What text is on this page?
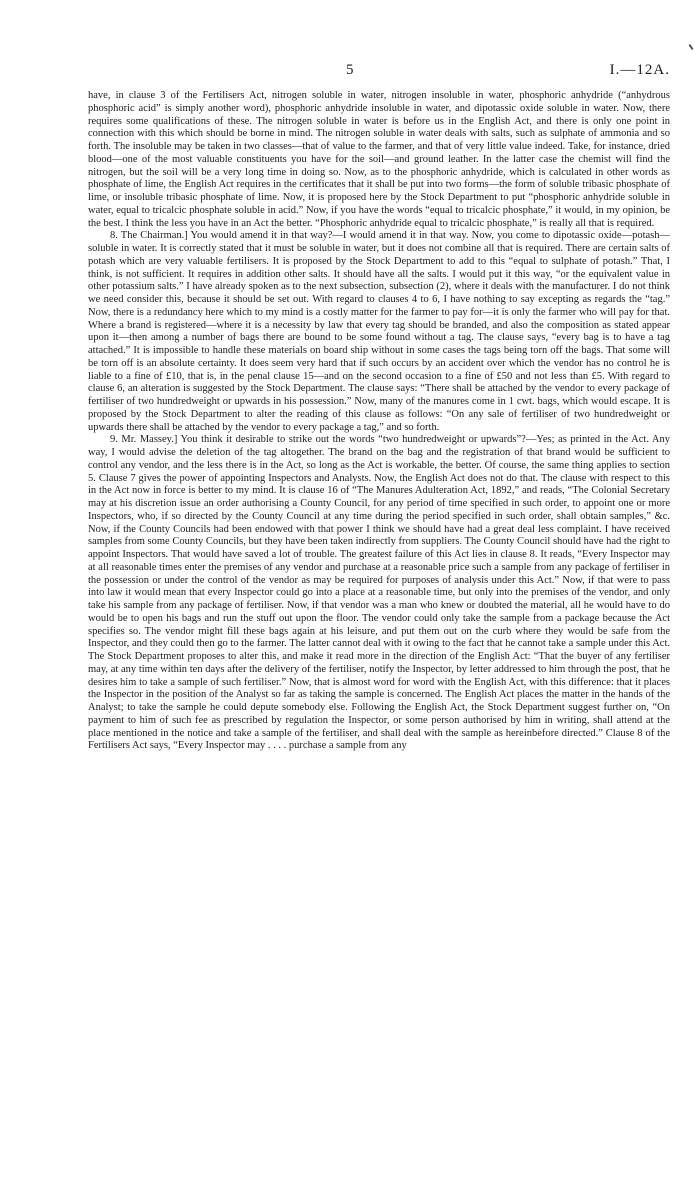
5	I.—12A.

have, in clause 3 of the Fertilisers Act, nitrogen soluble in water, nitrogen insoluble in water, phosphoric anhydride (“anhydrous phosphoric acid” is simply another word), phosphoric anhydride insoluble in water, and dipotassic oxide soluble in water. Now, there requires some qualifications of these. The nitrogen soluble in water is before us in the English Act, and there is only one point in connection with this which should be borne in mind. The nitrogen soluble in water deals with salts, such as sulphate of ammonia and so forth. The insoluble may be taken in two classes—that of value to the farmer, and that of very little value indeed. Take, for instance, dried blood—one of the most valuable constituents you have for the soil—and ground leather. In the latter case the chemist will find the nitrogen, but the soil will be a very long time in doing so. Now, as to the phosphoric anhydride, which is calculated in other words as phosphate of lime, the English Act requires in the certificates that it shall be put into two forms—the form of soluble tribasic phosphate of lime, or insoluble tribasic phosphate of lime. Now, it is proposed here by the Stock Department to put “phosphoric anhydride soluble in water, equal to tricalcic phosphate soluble in acid.” Now, if you have the words “equal to tricalcic phosphate,” it would, in my opinion, be the best. I think the less you have in an Act the better. “Phosphoric anhydride equal to tricalcic phosphate,” is really all that is required.

8. The Chairman.] You would amend it in that way?—I would amend it in that way. Now, you come to dipotassic oxide—potash—soluble in water. It is correctly stated that it must be soluble in water, but it does not combine all that is required. There are certain salts of potash which are very valuable fertilisers. It is proposed by the Stock Department to add to this “equal to sulphate of potash.” That, I think, is not sufficient. It requires in addition other salts. It should have all the salts. I would put it this way, “or the equivalent value in other potassium salts.” I have already spoken as to the next subsection, subsection (2), where it deals with the manufacturer. I do not think we need consider this, because it should be set out. With regard to clauses 4 to 6, I have nothing to say excepting as regards the “tag.” Now, there is a redundancy here which to my mind is a costly matter for the farmer to pay for—it is only the farmer who will pay for that. Where a brand is registered—where it is a necessity by law that every tag should be branded, and also the composition as stated appear upon it—then among a number of bags there are bound to be some found without a tag. The clause says, “every bag is to have a tag attached.” It is impossible to handle these materials on board ship without in some cases the tags being torn off the bags. That some will be torn off is an absolute certainty. It does seem very hard that if such occurs by an accident over which the vendor has no control he is liable to a fine of £10, that is, in the penal clause 15—and on the second occasion to a fine of £50 and not less than £5. With regard to clause 6, an alteration is suggested by the Stock Department. The clause says: “There shall be attached by the vendor to every package of fertiliser of two hundredweight or upwards in his possession.” Now, many of the manures come in 1 cwt. bags, which would escape. It is proposed by the Stock Department to alter the reading of this clause as follows: “On any sale of fertiliser of two hundredweight or upwards there shall be attached by the vendor to every package a tag,” and so forth.

9. Mr. Massey.] You think it desirable to strike out the words “two hundredweight or upwards”?—Yes; as printed in the Act. Any way, I would advise the deletion of the tag altogether. The brand on the bag and the registration of that brand would be sufficient to control any vendor, and the less there is in the Act, so long as the Act is workable, the better. Of course, the same thing applies to section 5. Clause 7 gives the power of appointing Inspectors and Analysts. Now, the English Act does not do that. The clause with respect to this in the Act now in force is better to my mind. It is clause 16 of “The Manures Adulteration Act, 1892,” and reads, “The Colonial Secretary may at his discretion issue an order authorising a County Council, for any period of time specified in such order, to appoint one or more Inspectors, who, if so directed by the County Council at any time during the period specified in such order, shall obtain samples,” &c. Now, if the County Councils had been endowed with that power I think we should have had a great deal less complaint. I have received samples from some County Councils, but they have been taken indirectly from suppliers. The County Council should have had the right to appoint Inspectors. That would have saved a lot of trouble. The greatest failure of this Act lies in clause 8. It reads, “Every Inspector may at all reasonable times enter the premises of any vendor and purchase at a reasonable price such a sample from any package of fertiliser in the possession or under the control of the vendor as may be required for purposes of analysis under this Act.” Now, if that were to pass into law it would mean that every Inspector could go into a place at a reasonable time, but only into the premises of the vendor, and only take his sample from any package of fertiliser. Now, if that vendor was a man who knew or doubted the material, all he would have to do would be to open his bags and run the stuff out upon the floor. The vendor could only take the sample from a package because the Act specifies so. The vendor might fill these bags again at his leisure, and put them out on the curb where they would be safe from the Inspector, and they could then go to the farmer. The latter cannot deal with it owing to the fact that he cannot take a sample under this Act. The Stock Department proposes to alter this, and make it read more in the direction of the English Act: “That the buyer of any fertiliser may, at any time within ten days after the delivery of the fertiliser, notify the Inspector, by letter addressed to him through the post, that he desires him to take a sample of such fertiliser.” Now, that is almost word for word with the English Act, with this difference: that it places the Inspector in the position of the Analyst so far as taking the sample is concerned. The English Act places the matter in the hands of the Analyst; to take the sample he could depute somebody else. Following the English Act, the Stock Department suggest further on, “On payment to him of such fee as prescribed by regulation the Inspector, or some person authorised by him in writing, shall attend at the place mentioned in the notice and take a sample of the fertiliser, and shall deal with the sample as hereinbefore directed.” Clause 8 of the Fertilisers Act says, “Every Inspector may . . . . purchase a sample from any
